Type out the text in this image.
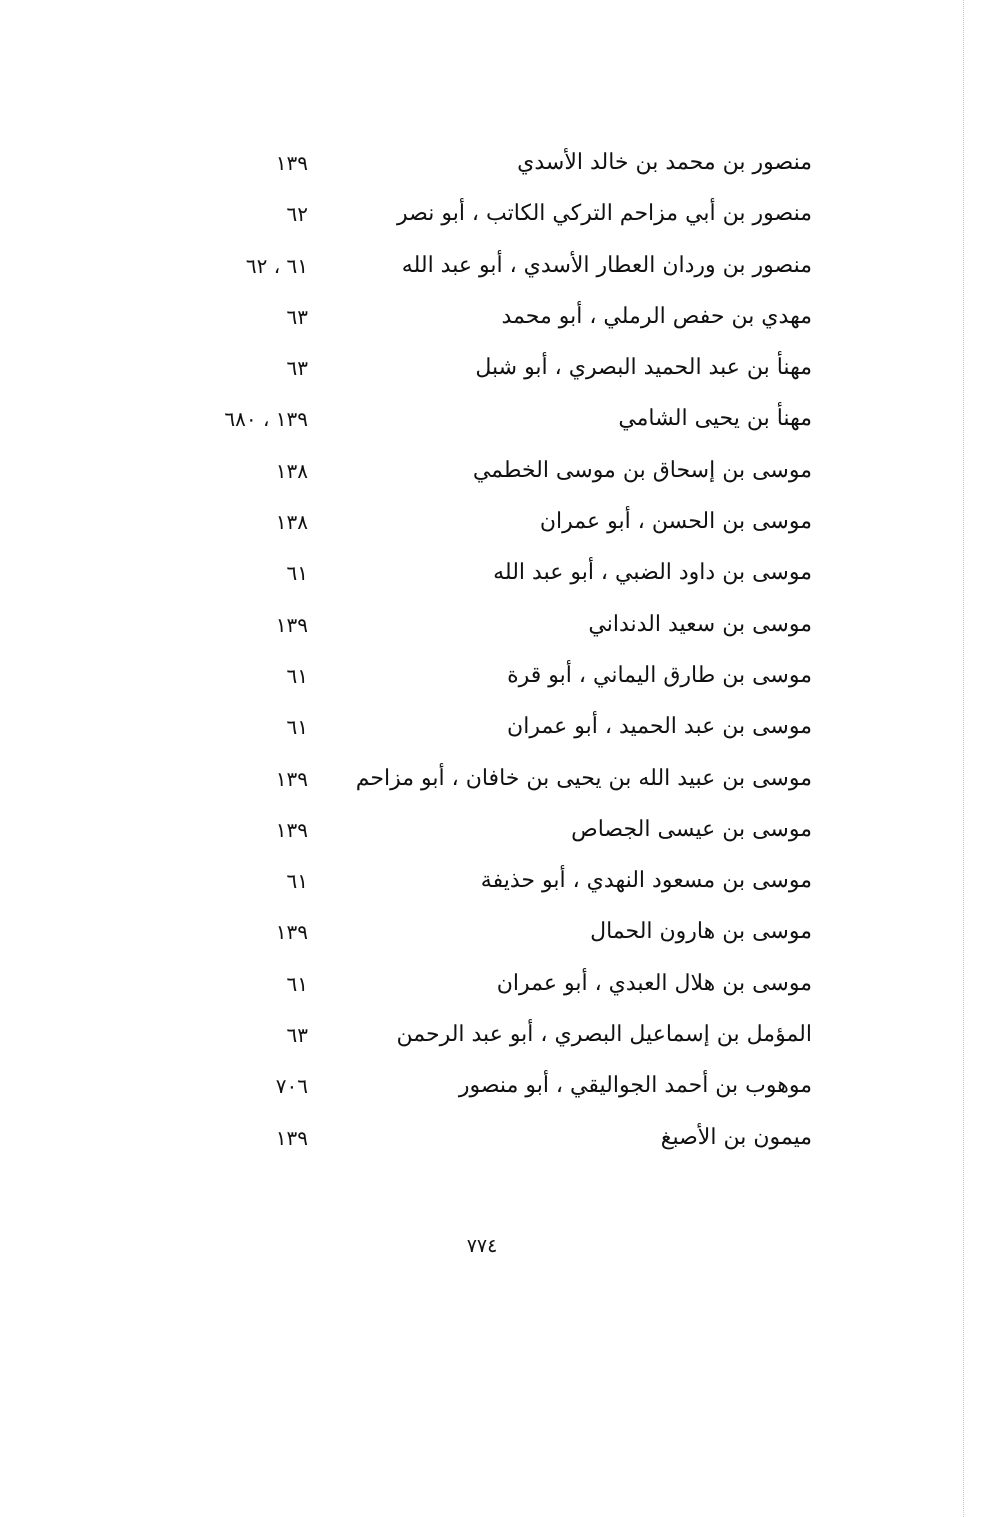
منصور بن محمد بن خالد الأسدي
١٣٩
منصور بن أبي مزاحم التركي الكاتب ، أبو نصر
٦٢
منصور بن وردان العطار الأسدي ، أبو عبد الله
٦١ ، ٦٢
مهدي بن حفص الرملي ، أبو محمد
٦٣
مهنأ بن عبد الحميد البصري ، أبو شبل
٦٣
مهنأ بن يحيى الشامي
١٣٩ ، ٦٨٠
موسى بن إسحاق بن موسى الخطمي
١٣٨
موسى بن الحسن ، أبو عمران
١٣٨
موسى بن داود الضبي ، أبو عبد الله
٦١
موسى بن سعيد الدنداني
١٣٩
موسى بن طارق اليماني ، أبو قرة
٦١
موسى بن عبد الحميد ، أبو عمران
٦١
موسى بن عبيد الله بن يحيى بن خافان ، أبو مزاحم
١٣٩
موسى بن عيسى الجصاص
١٣٩
موسى بن مسعود النهدي ، أبو حذيفة
٦١
موسى بن هارون الحمال
١٣٩
موسى بن هلال العبدي ، أبو عمران
٦١
المؤمل بن إسماعيل البصري ، أبو عبد الرحمن
٦٣
موهوب بن أحمد الجواليقي ، أبو منصور
٧٠٦
ميمون بن الأصبغ
١٣٩
٧٧٤
